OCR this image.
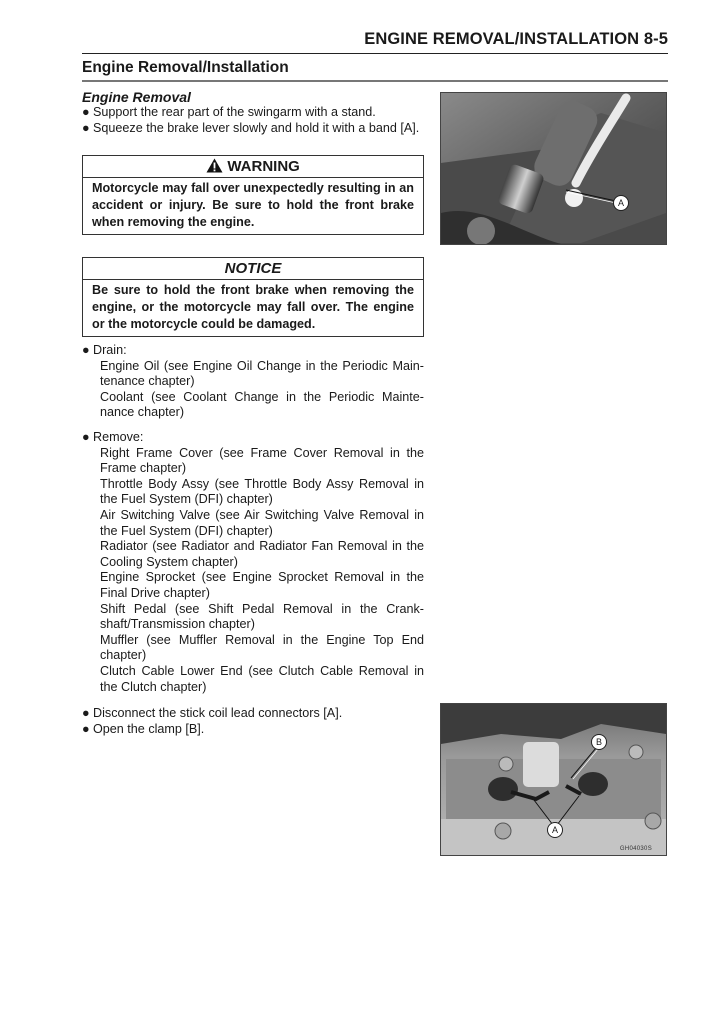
ENGINE REMOVAL/INSTALLATION 8-5
Engine Removal/Installation
Engine Removal
● Support the rear part of the swingarm with a stand.
● Squeeze the brake lever slowly and hold it with a band [A].
WARNING
Motorcycle may fall over unexpectedly resulting in an accident or injury. Be sure to hold the front brake when removing the engine.
NOTICE
Be sure to hold the front brake when removing the engine, or the motorcycle may fall over. The engine or the motorcycle could be damaged.
● Drain:
Engine Oil (see Engine Oil Change in the Periodic Main-tenance chapter)
Coolant (see Coolant Change in the Periodic Mainte-nance chapter)
● Remove:
Right Frame Cover (see Frame Cover Removal in the Frame chapter)
Throttle Body Assy (see Throttle Body Assy Removal in the Fuel System (DFI) chapter)
Air Switching Valve (see Air Switching Valve Removal in the Fuel System (DFI) chapter)
Radiator (see Radiator and Radiator Fan Removal in the Cooling System chapter)
Engine Sprocket (see Engine Sprocket Removal in the Final Drive chapter)
Shift Pedal (see Shift Pedal Removal in the Crank-shaft/Transmission chapter)
Muffler (see Muffler Removal in the Engine Top End chapter)
Clutch Cable Lower End (see Clutch Cable Removal in the Clutch chapter)
● Disconnect the stick coil lead connectors [A].
● Open the clamp [B].
A
B
A
GH04030S
